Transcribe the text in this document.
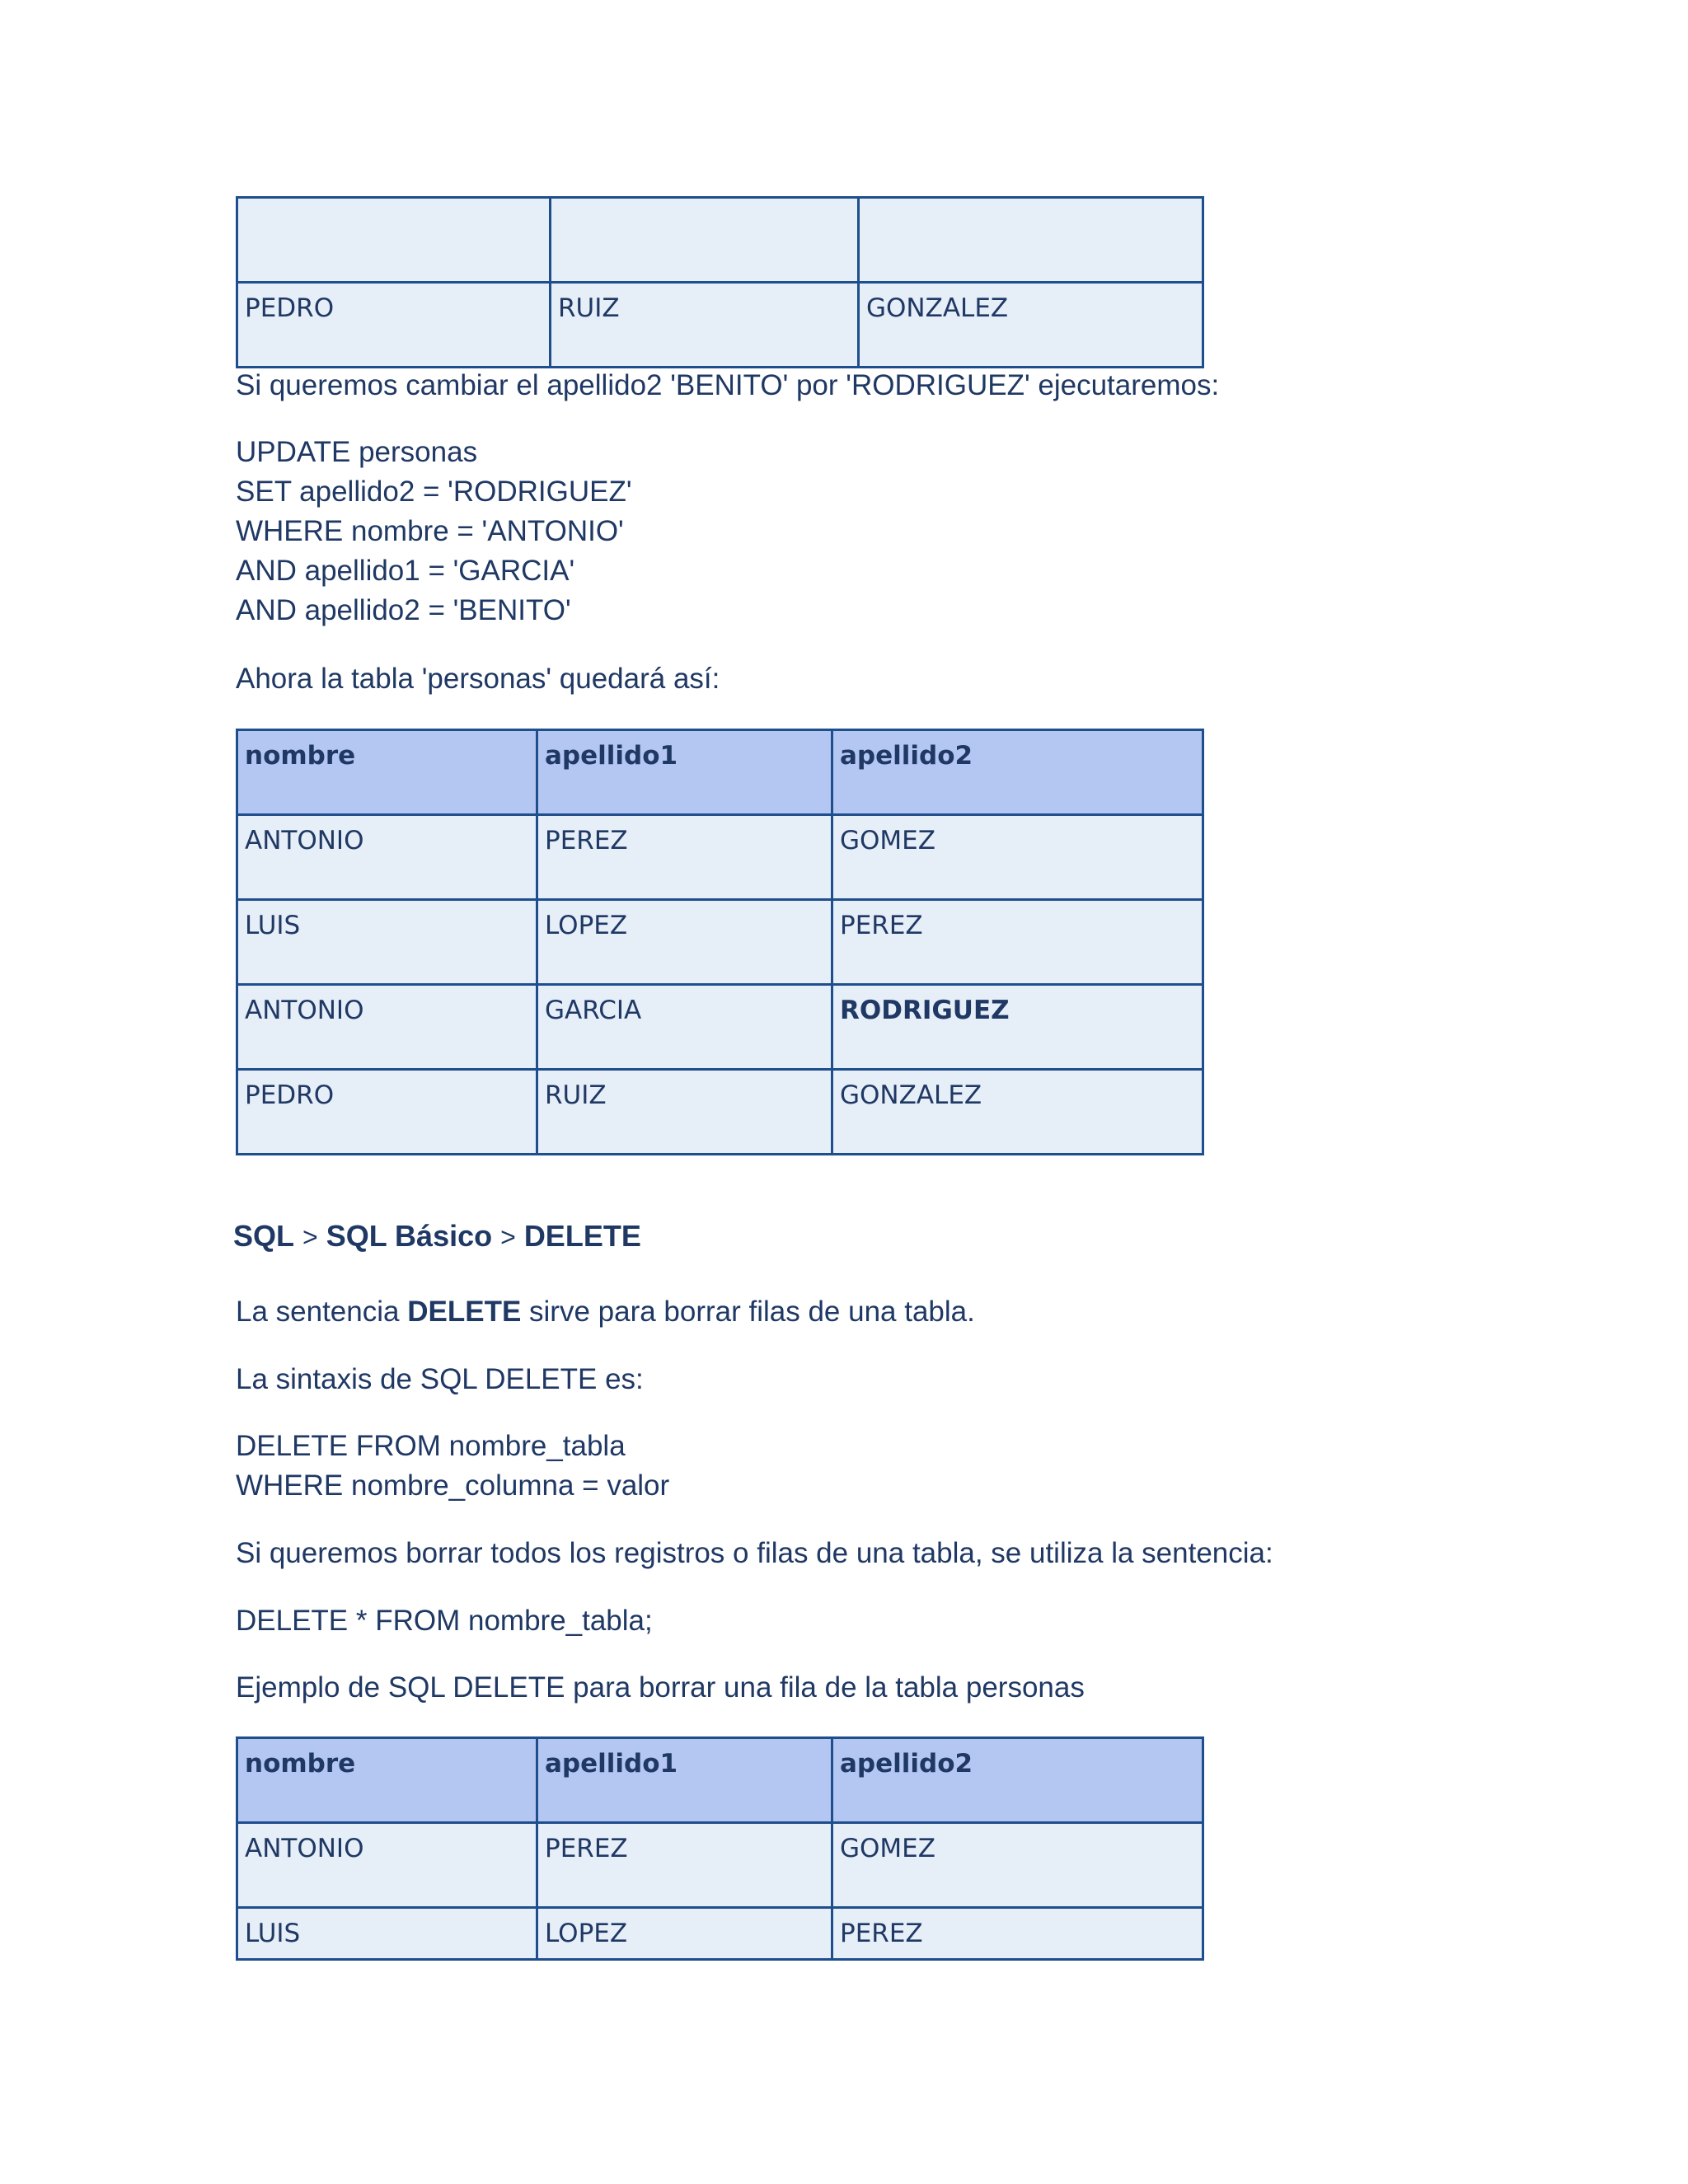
PEDRO	RUIZ	GONZALEZ

Si queremos cambiar el apellido2 'BENITO' por 'RODRIGUEZ' ejecutaremos:

UPDATE personas

SET apellido2 = 'RODRIGUEZ'

WHERE nombre = 'ANTONIO'

AND apellido1 = 'GARCIA'

AND apellido2 = 'BENITO'

Ahora la tabla 'personas' quedará así:

nombre	apellido1	apellido2
ANTONIO	PEREZ	GOMEZ
LUIS	LOPEZ	PEREZ
ANTONIO	GARCIA	RODRIGUEZ
PEDRO	RUIZ	GONZALEZ
SQL > SQL Básico > DELETE

La sentencia DELETE sirve para borrar filas de una tabla.

La sintaxis de SQL DELETE es:

DELETE FROM nombre_tabla

WHERE nombre_columna = valor

Si queremos borrar todos los registros o filas de una tabla, se utiliza la sentencia:

DELETE * FROM nombre_tabla;

Ejemplo de SQL DELETE para borrar una fila de la tabla personas

nombre	apellido1	apellido2
ANTONIO	PEREZ	GOMEZ
LUIS	LOPEZ	PEREZ
